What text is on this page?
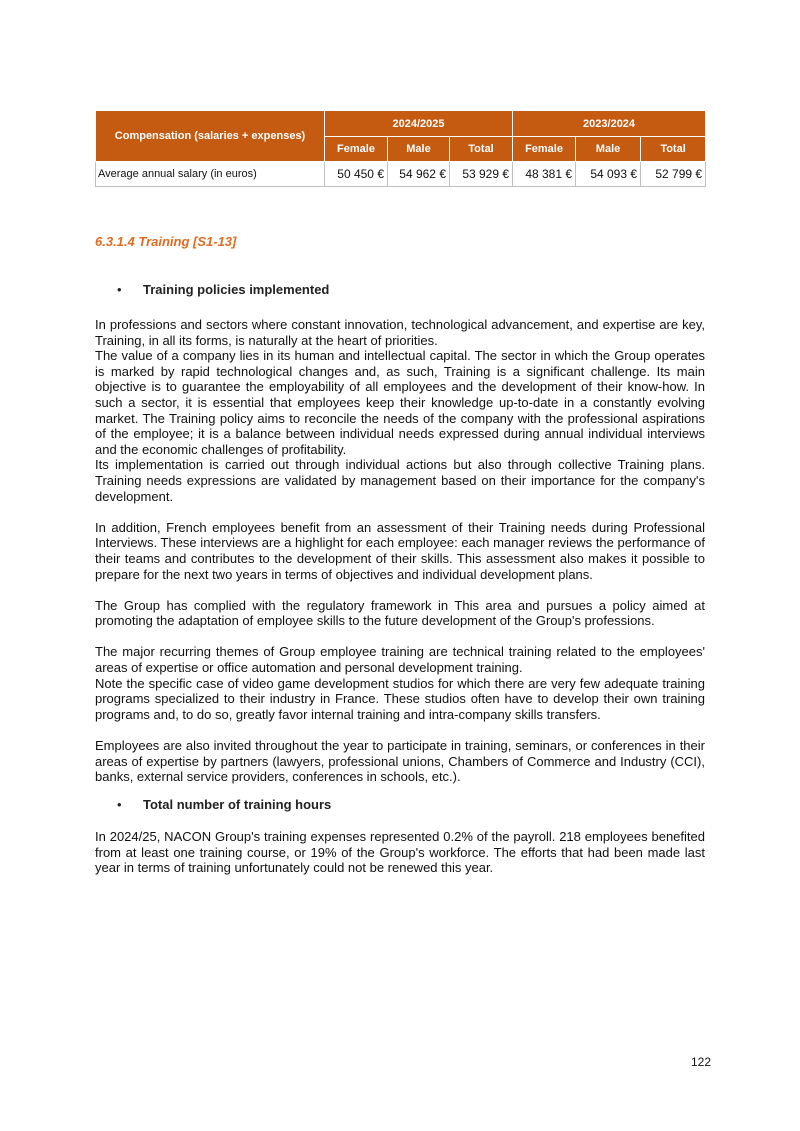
Compensation (salaries + expenses)	2024/2025			2023/2024		
	Female	Male	Total	Female	Male	Total
Average annual salary (in euros)	50 450 €	54 962 €	53 929 €	48 381 €	54 093 €	52 799 €
6.3.1.4 Training [S1-13]
• Training policies implemented

In professions and sectors where constant innovation, technological advancement, and expertise are key, Training, in all its forms, is naturally at the heart of priorities.

The value of a company lies in its human and intellectual capital. The sector in which the Group operates is marked by rapid technological changes and, as such, Training is a significant challenge. Its main objective is to guarantee the employability of all employees and the development of their know-how. In such a sector, it is essential that employees keep their knowledge up-to-date in a constantly evolving market. The Training policy aims to reconcile the needs of the company with the professional aspirations of the employee; it is a balance between individual needs expressed during annual individual interviews and the economic challenges of profitability.

Its implementation is carried out through individual actions but also through collective Training plans. Training needs expressions are validated by management based on their importance for the company's development.

In addition, French employees benefit from an assessment of their Training needs during Professional Interviews. These interviews are a highlight for each employee: each manager reviews the performance of their teams and contributes to the development of their skills. This assessment also makes it possible to prepare for the next two years in terms of objectives and individual development plans.

The Group has complied with the regulatory framework in This area and pursues a policy aimed at promoting the adaptation of employee skills to the future development of the Group's professions.

The major recurring themes of Group employee training are technical training related to the employees' areas of expertise or office automation and personal development training.

Note the specific case of video game development studios for which there are very few adequate training programs specialized to their industry in France. These studios often have to develop their own training programs and, to do so, greatly favor internal training and intra-company skills transfers.

Employees are also invited throughout the year to participate in training, seminars, or conferences in their areas of expertise by partners (lawyers, professional unions, Chambers of Commerce and Industry (CCI), banks, external service providers, conferences in schools, etc.).

• Total number of training hours

In 2024/25, NACON Group's training expenses represented 0.2% of the payroll. 218 employees benefited from at least one training course, or 19% of the Group's workforce. The efforts that had been made last year in terms of training unfortunately could not be renewed this year.

122
